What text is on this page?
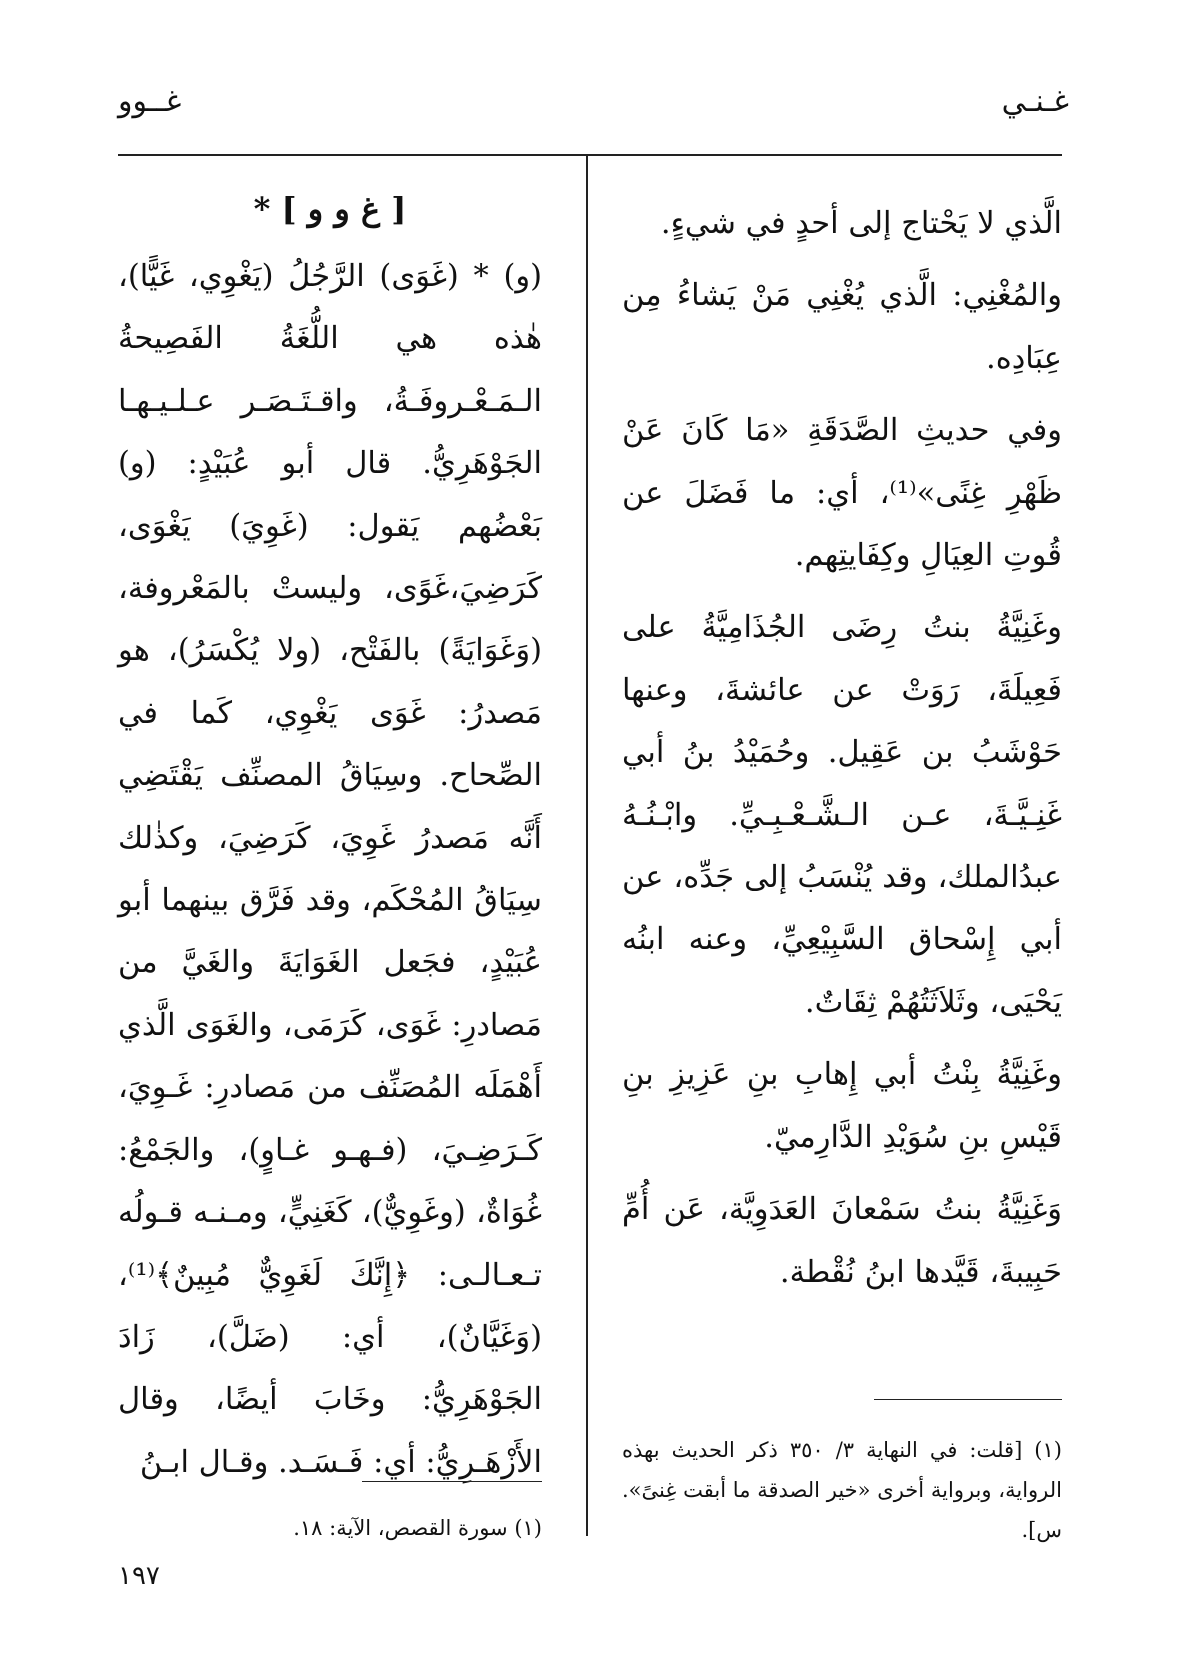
غـنـي
غــوو

الَّذي لا يَحْتاج إلى أحدٍ في شيءٍ.

والمُغْنِي: الَّذي يُغْنِي مَنْ يَشاءُ مِن عِبَادِه.

وفي حديثِ الصَّدَقَةِ «مَا كَانَ عَنْ ظَهْرِ غِنًى»⁽¹⁾، أي: ما فَضَلَ عن قُوتِ العِيَالِ وكِفَايتِهم.

وغَنِيَّةُ بنتُ رِضَى الجُذَامِيَّةُ على فَعِيلَةَ، رَوَتْ عن عائشةَ، وعنها حَوْشَبُ بن عَقِيل. وحُمَيْدُ بنُ أبي غَنِـيَّـةَ، عـن الـشَّـعْـبِـيِّ. وابْـنُـهُ عبدُالملك، وقد يُنْسَبُ إلى جَدِّه، عن أبي إِسْحاق السَّبِيْعِيِّ، وعنه ابنُه يَحْيَى، وثَلاَثَتُهُمْ ثِقَاتٌ.

وغَنِيَّةُ بِنْتُ أبي إِهابِ بنِ عَزِيزِ بنِ قَيْسِ بنِ سُوَيْدِ الدَّارِميّ.

وَغَنِيَّةُ بنتُ سَمْعانَ العَدَوِيَّة، عَن أُمِّ حَبِيبةَ، قَيَّدها ابنُ نُقْطة.

[ غ و و ] *

(و) * (غَوَى) الرَّجُلُ (يَغْوِي، غَيًّا)، هٰذه هي اللُّغَةُ الفَصِيحةُ الـمَـعْـروفَـةُ، واقـتَـصَـر عـلـيـهـا الجَوْهَرِيُّ. قال أبو عُبَيْدٍ: (و) بَعْضُهم يَقول: (غَوِيَ) يَغْوَى، كَرَضِيَ،غَوًى، وليستْ بالمَعْروفة، (وَغَوَايَةً) بالفَتْح، (ولا يُكْسَرُ)، هو مَصدرُ: غَوَى يَغْوِي، كَما في الصِّحاح. وسِيَاقُ المصنِّف يَقْتَضِي أَنَّه مَصدرُ غَوِيَ، كَرَضِيَ، وكذٰلك سِيَاقُ المُحْكَم، وقد فَرَّق بينهما أبو عُبَيْدٍ، فجَعل الغَوَايَةَ والغَيَّ من مَصادرِ: غَوَى، كَرَمَى، والغَوَى الَّذي أَهْمَلَه المُصَنِّف من مَصادرِ: غَـوِيَ، كَـرَضِـيَ، (فـهـو غـاوٍ)، والجَمْعُ: غُوَاةٌ، (وغَوِيٌّ)، كَغَنِيٍّ، ومـنـه قـولُه تـعـالـى: ﴿إِنَّكَ لَغَوِيٌّ مُبِينٌ﴾⁽¹⁾، (وَغَيَّانٌ)، أي: (ضَلَّ)، زَادَ الجَوْهَرِيُّ: وخَابَ أيضًا، وقال الأَزْهَـرِيُّ: أي: فَـسَـد. وقـال ابـنُ	(١) [قلت: في النهاية ٣/ ٣٥٠ ذكر الحديث بهذه الرواية، وبرواية أخرى «خير الصدقة ما أبقت غِنىً». س].
(١) سورة القصص، الآية: ١٨.
١٩٧
